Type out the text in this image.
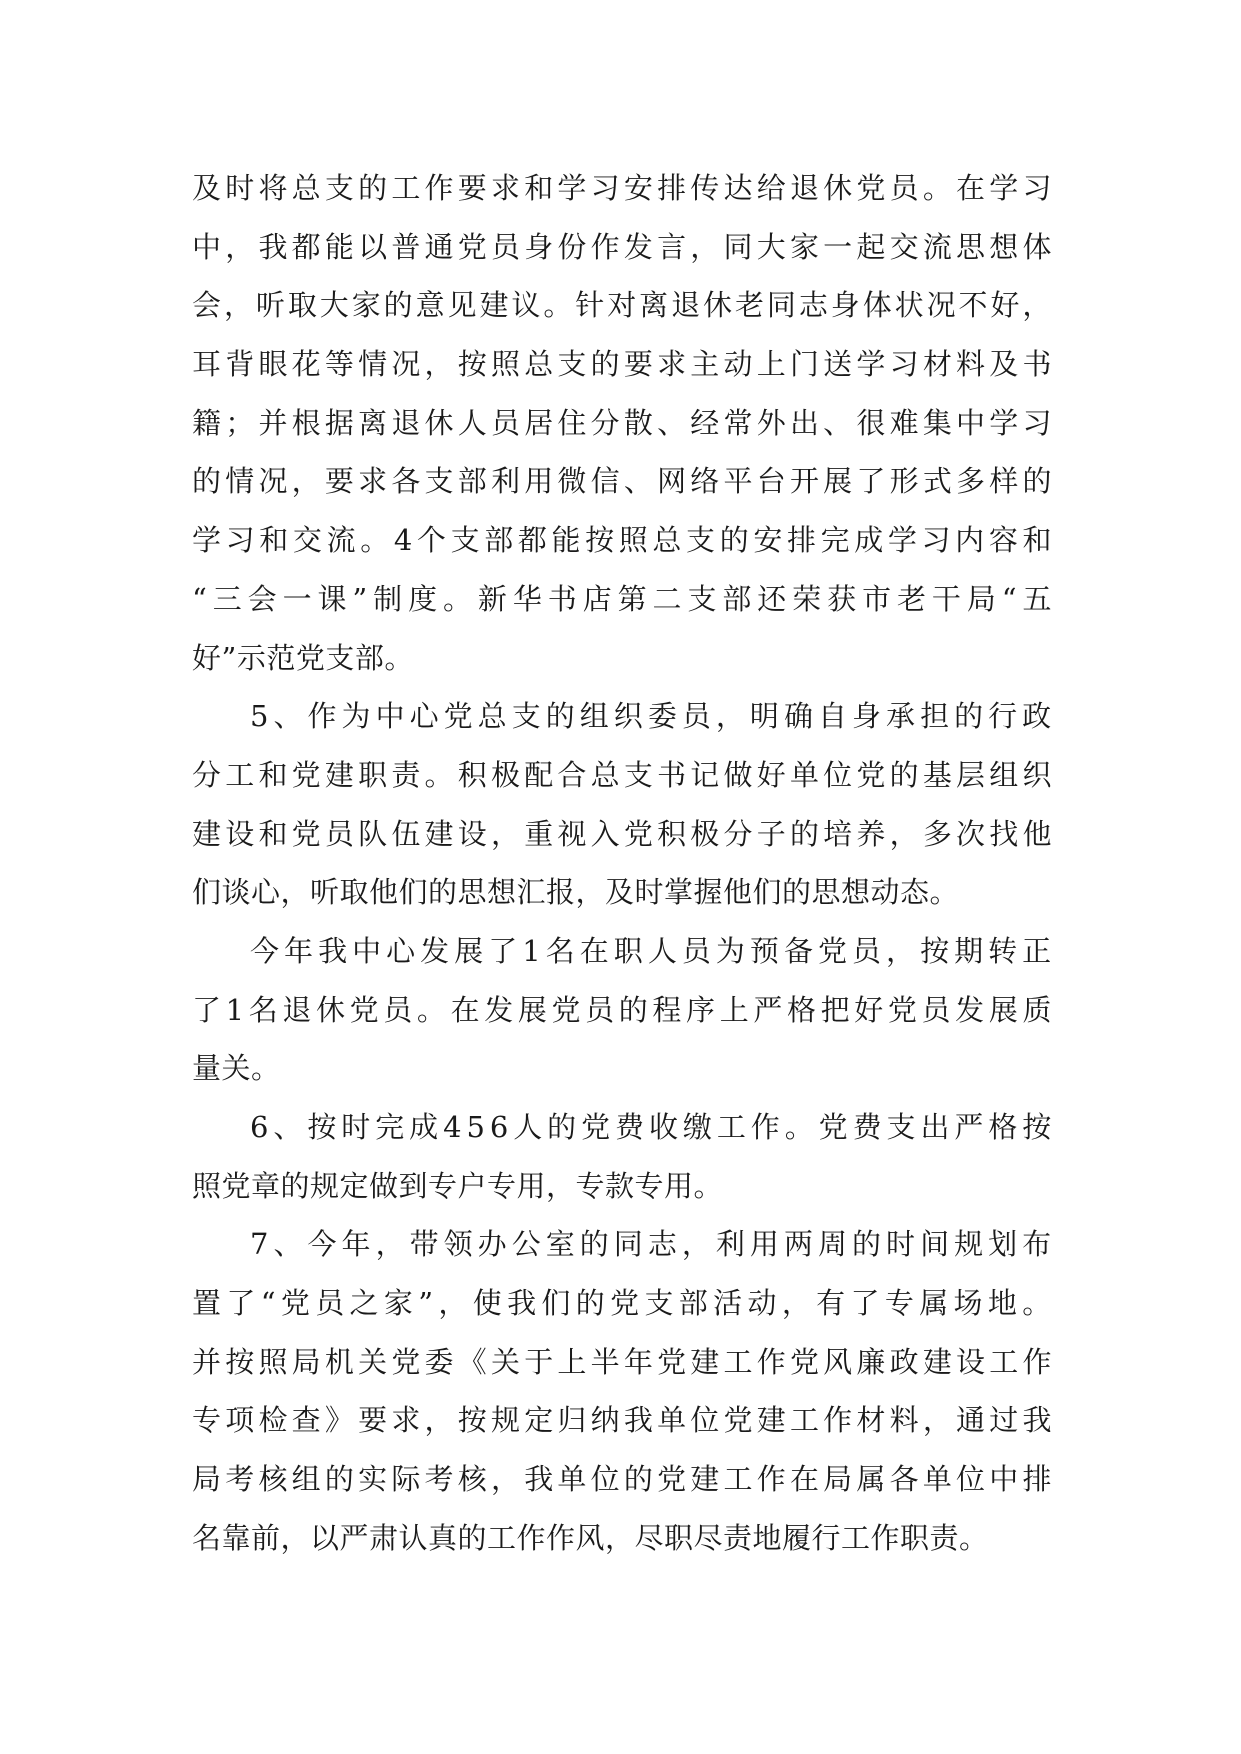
及 时 将 总 支 的 工 作 要 求 和 学 习 安 排 传 达 给 退 休 党 员 。 在 学 习
中 ， 我 都 能 以 普 通 党 员 身 份 作 发 言 ， 同 大 家 一 起 交 流 思 想 体
会 ， 听 取 大 家 的 意 见 建 议 。 针 对 离 退 休 老 同 志 身 体 状 况 不 好 ，
耳 背 眼 花 等 情 况 ， 按 照 总 支 的 要 求 主 动 上 门 送 学 习 材 料 及 书
籍 ； 并 根 据 离 退 休 人 员 居 住 分 散 、 经 常 外 出 、 很 难 集 中 学 习
的 情 况 ， 要 求 各 支 部 利 用 微 信 、 网 络 平 台 开 展 了 形 式 多 样 的
学 习 和 交 流 。 4 个 支 部 都 能 按 照 总 支 的 安 排 完 成 学 习 内 容 和
“ 三 会 一 课 ” 制 度 。 新 华 书 店 第 二 支 部 还 荣 获 市 老 干 局 “ 五
好”示范党支部。
5 、 作 为 中 心 党 总 支 的 组 织 委 员 ， 明 确 自 身 承 担 的 行 政
分 工 和 党 建 职 责 。 积 极 配 合 总 支 书 记 做 好 单 位 党 的 基 层 组 织
建 设 和 党 员 队 伍 建 设 ， 重 视 入 党 积 极 分 子 的 培 养 ， 多 次 找 他
们谈心，听取他们的思想汇报，及时掌握他们的思想动态。
今 年 我 中 心 发 展 了 1 名 在 职 人 员 为 预 备 党 员 ， 按 期 转 正
了 1 名 退 休 党 员 。 在 发 展 党 员 的 程 序 上 严 格 把 好 党 员 发 展 质
量关。
6 、 按 时 完 成 4 5 6 人 的 党 费 收 缴 工 作 。 党 费 支 出 严 格 按
照党章的规定做到专户专用，专款专用。
7 、 今 年 ， 带 领 办 公 室 的 同 志 ， 利 用 两 周 的 时 间 规 划 布
置 了 “ 党 员 之 家 ” ， 使 我 们 的 党 支 部 活 动 ， 有 了 专 属 场 地 。
并 按 照 局 机 关 党 委 《 关 于 上 半 年 党 建 工 作 党 风 廉 政 建 设 工 作
专 项 检 查 》 要 求 ， 按 规 定 归 纳 我 单 位 党 建 工 作 材 料 ， 通 过 我
局 考 核 组 的 实 际 考 核 ， 我 单 位 的 党 建 工 作 在 局 属 各 单 位 中 排
名靠前，以严肃认真的工作作风，尽职尽责地履行工作职责。
